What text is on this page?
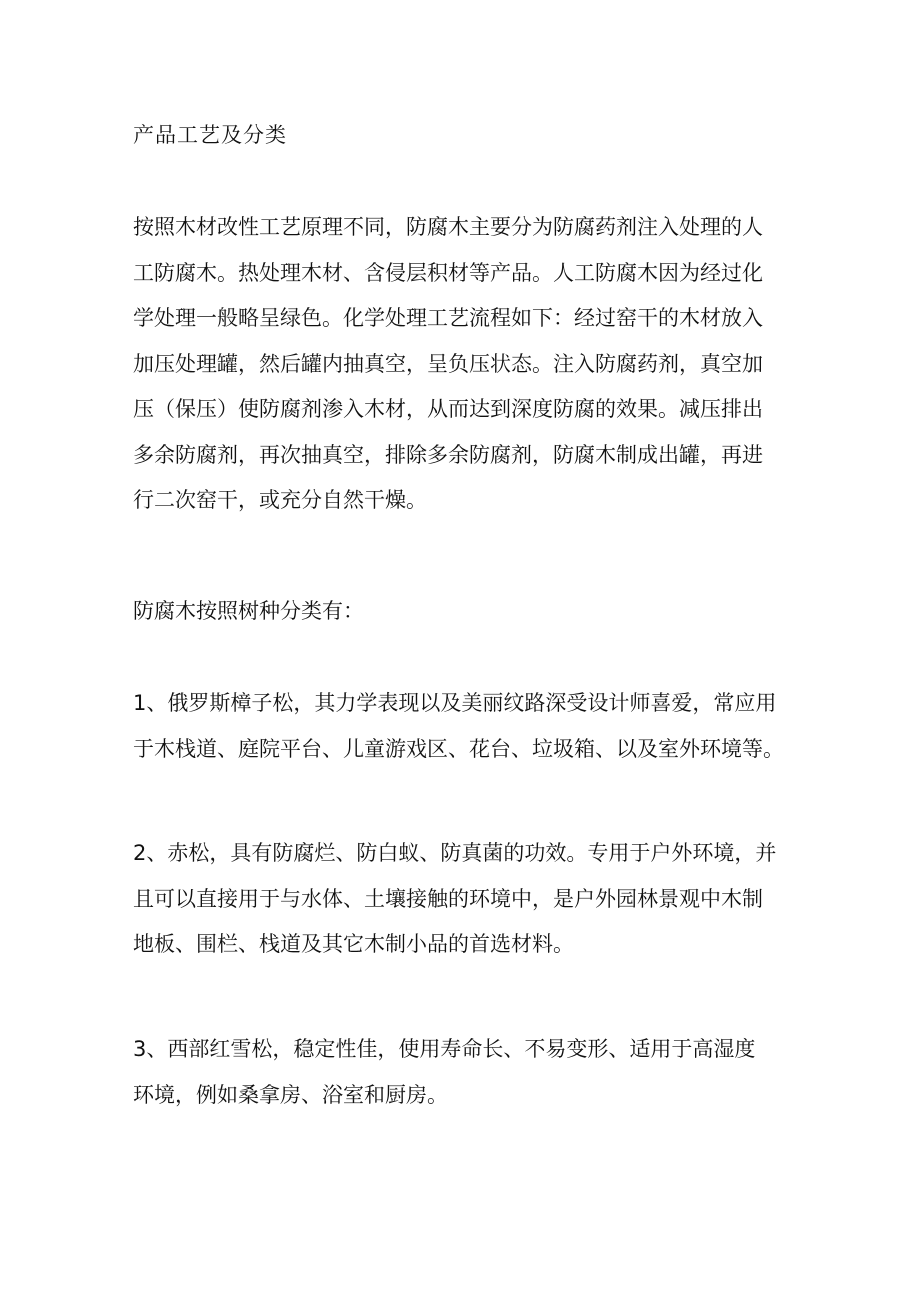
产品工艺及分类

按照木材改性工艺原理不同，防腐木主要分为防腐药剂注入处理的人
工防腐木。热处理木材、含侵层积材等产品。人工防腐木因为经过化
学处理一般略呈绿色。化学处理工艺流程如下：经过窑干的木材放入
加压处理罐，然后罐内抽真空，呈负压状态。注入防腐药剂，真空加
压（保压）使防腐剂渗入木材，从而达到深度防腐的效果。减压排出
多余防腐剂，再次抽真空，排除多余防腐剂，防腐木制成出罐，再进
行二次窑干，或充分自然干燥。

防腐木按照树种分类有：

1、俄罗斯樟子松，其力学表现以及美丽纹路深受设计师喜爱，常应用
于木栈道、庭院平台、儿童游戏区、花台、垃圾箱、以及室外环境等。

2、赤松，具有防腐烂、防白蚁、防真菌的功效。专用于户外环境，并
且可以直接用于与水体、土壤接触的环境中，是户外园林景观中木制
地板、围栏、栈道及其它木制小品的首选材料。

3、西部红雪松，稳定性佳，使用寿命长、不易变形、适用于高湿度
环境，例如桑拿房、浴室和厨房。
